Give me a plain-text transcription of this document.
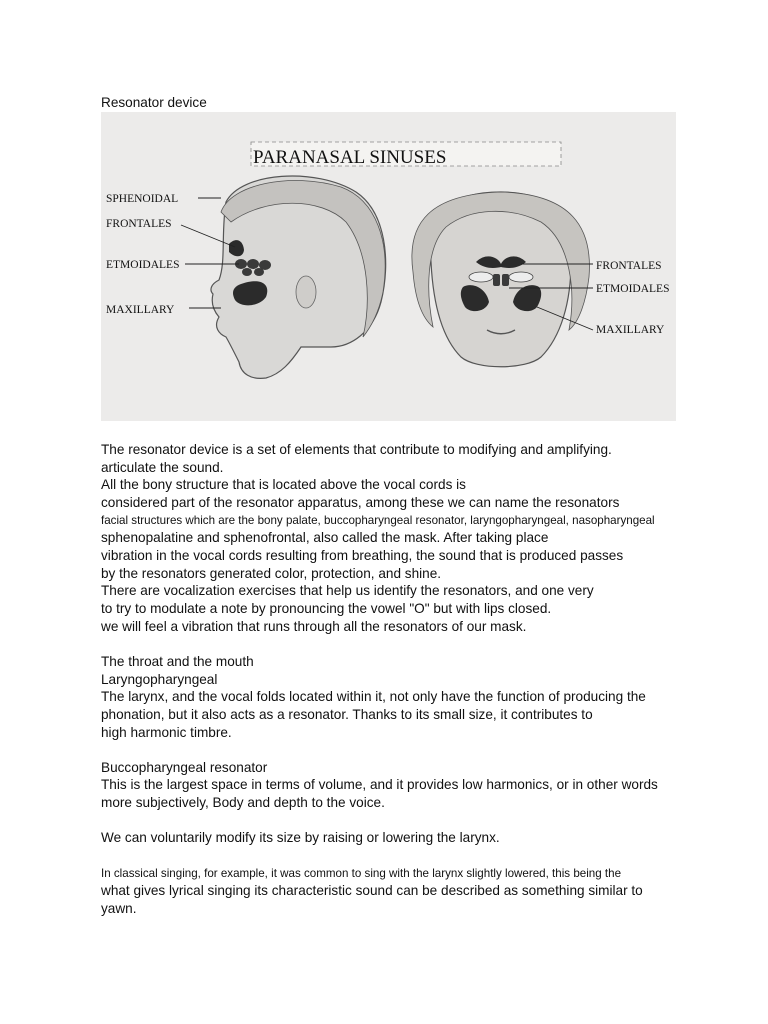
Resonator device
PARANASAL SINUSES
SPHENOIDAL
FRONTALES
ETMOIDALES
MAXILLARY
FRONTALES
ETMOIDALES
MAXILLARY
The resonator device is a set of elements that contribute to modifying and amplifying.
articulate the sound.
All the bony structure that is located above the vocal cords is
considered part of the resonator apparatus, among these we can name the resonators
facial structures which are the bony palate, buccopharyngeal resonator, laryngopharyngeal, nasopharyngeal
sphenopalatine and sphenofrontal, also called the mask. After taking place
vibration in the vocal cords resulting from breathing, the sound that is produced passes
by the resonators generated color, protection, and shine.
There are vocalization exercises that help us identify the resonators, and one very
to try to modulate a note by pronouncing the vowel "O" but with lips closed.
we will feel a vibration that runs through all the resonators of our mask.
The throat and the mouth
Laryngopharyngeal
The larynx, and the vocal folds located within it, not only have the function of producing the
phonation, but it also acts as a resonator. Thanks to its small size, it contributes to
high harmonic timbre.
Buccopharyngeal resonator
This is the largest space in terms of volume, and it provides low harmonics, or in other words
more subjectively, Body and depth to the voice.
We can voluntarily modify its size by raising or lowering the larynx.
In classical singing, for example, it was common to sing with the larynx slightly lowered, this being the
what gives lyrical singing its characteristic sound can be described as something similar to
yawn.
